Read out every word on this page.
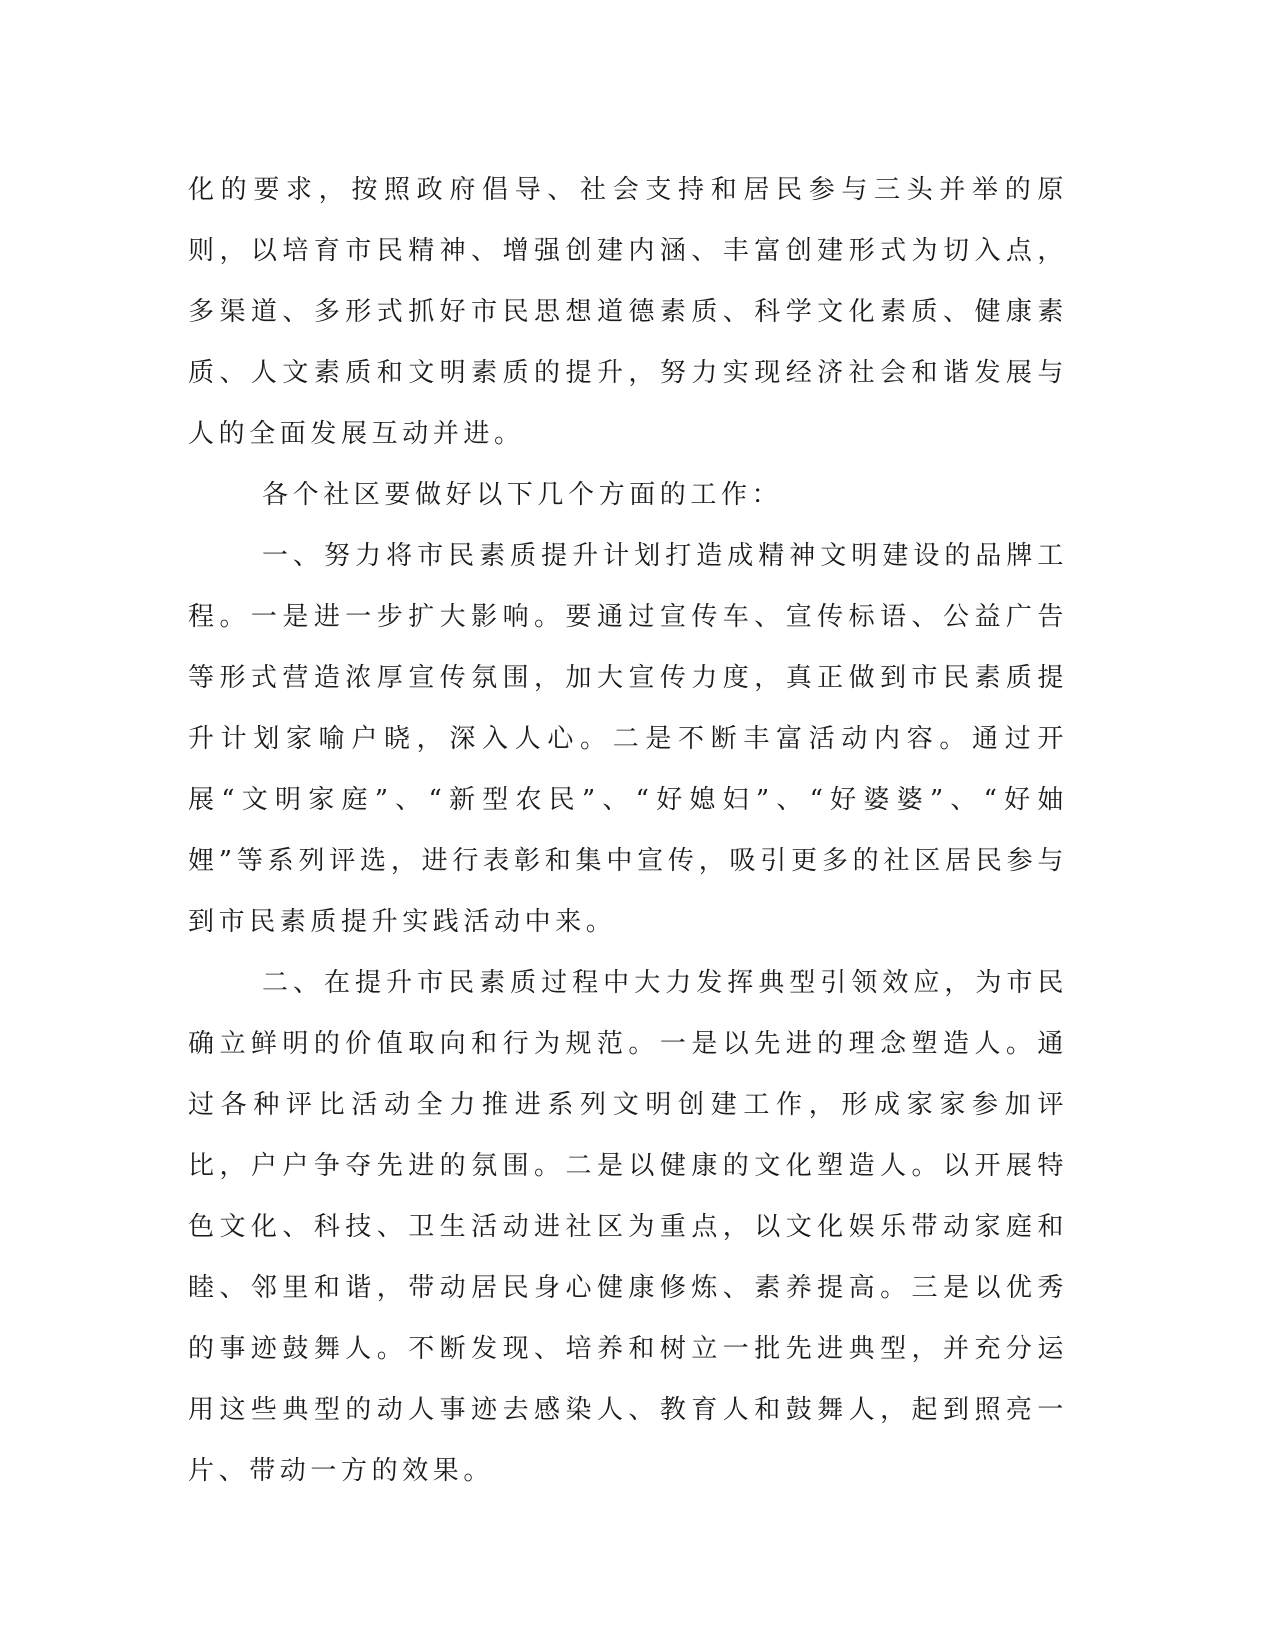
化的要求，按照政府倡导、社会支持和居民参与三头并举的原则，以培育市民精神、增强创建内涵、丰富创建形式为切入点，多渠道、多形式抓好市民思想道德素质、科学文化素质、健康素质、人文素质和文明素质的提升，努力实现经济社会和谐发展与人的全面发展互动并进。

各个社区要做好以下几个方面的工作：

一、努力将市民素质提升计划打造成精神文明建设的品牌工程。一是进一步扩大影响。要通过宣传车、宣传标语、公益广告等形式营造浓厚宣传氛围，加大宣传力度，真正做到市民素质提升计划家喻户晓，深入人心。二是不断丰富活动内容。通过开展“文明家庭”、“新型农民”、“好媳妇”、“好婆婆”、“好妯娌”等系列评选，进行表彰和集中宣传，吸引更多的社区居民参与到市民素质提升实践活动中来。

二、在提升市民素质过程中大力发挥典型引领效应，为市民确立鲜明的价值取向和行为规范。一是以先进的理念塑造人。通过各种评比活动全力推进系列文明创建工作，形成家家参加评比，户户争夺先进的氛围。二是以健康的文化塑造人。以开展特色文化、科技、卫生活动进社区为重点，以文化娱乐带动家庭和睦、邻里和谐，带动居民身心健康修炼、素养提高。三是以优秀的事迹鼓舞人。不断发现、培养和树立一批先进典型，并充分运用这些典型的动人事迹去感染人、教育人和鼓舞人，起到照亮一片、带动一方的效果。
